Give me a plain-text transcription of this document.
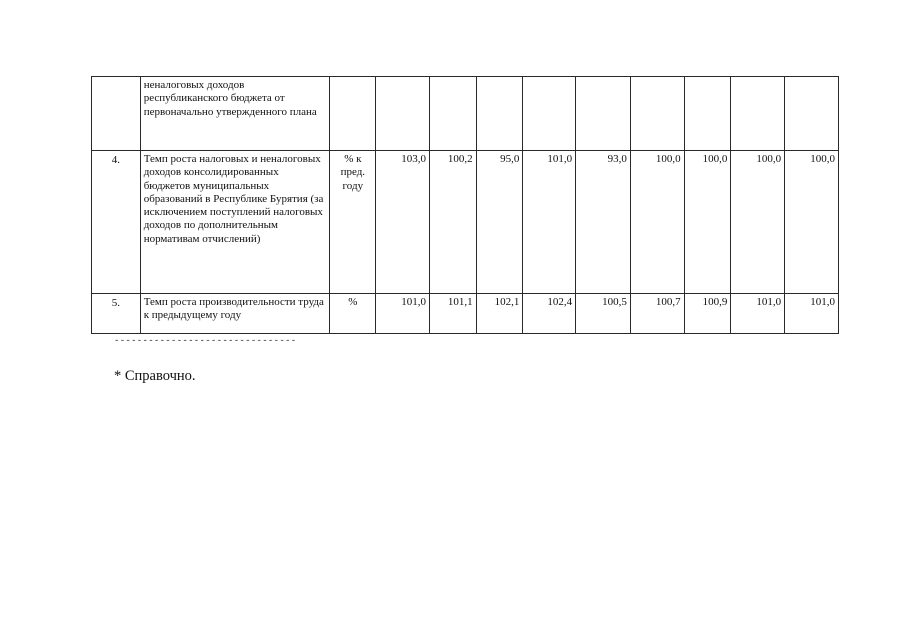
	неналоговых доходов республиканского бюджета от первоначально утвержденного плана										
4.	Темп роста налоговых и неналоговых доходов консолидированных бюджетов муниципальных образований в Республике Бурятия (за исключением поступлений налоговых доходов по дополнительным нормативам отчислений)	% к пред. году	103,0	100,2	95,0	101,0	93,0	100,0	100,0	100,0	100,0
5.	Темп роста производительности труда к предыдущему году	%	101,0	101,1	102,1	102,4	100,5	100,7	100,9	101,0	101,0
--------------------------------
* Справочно.
